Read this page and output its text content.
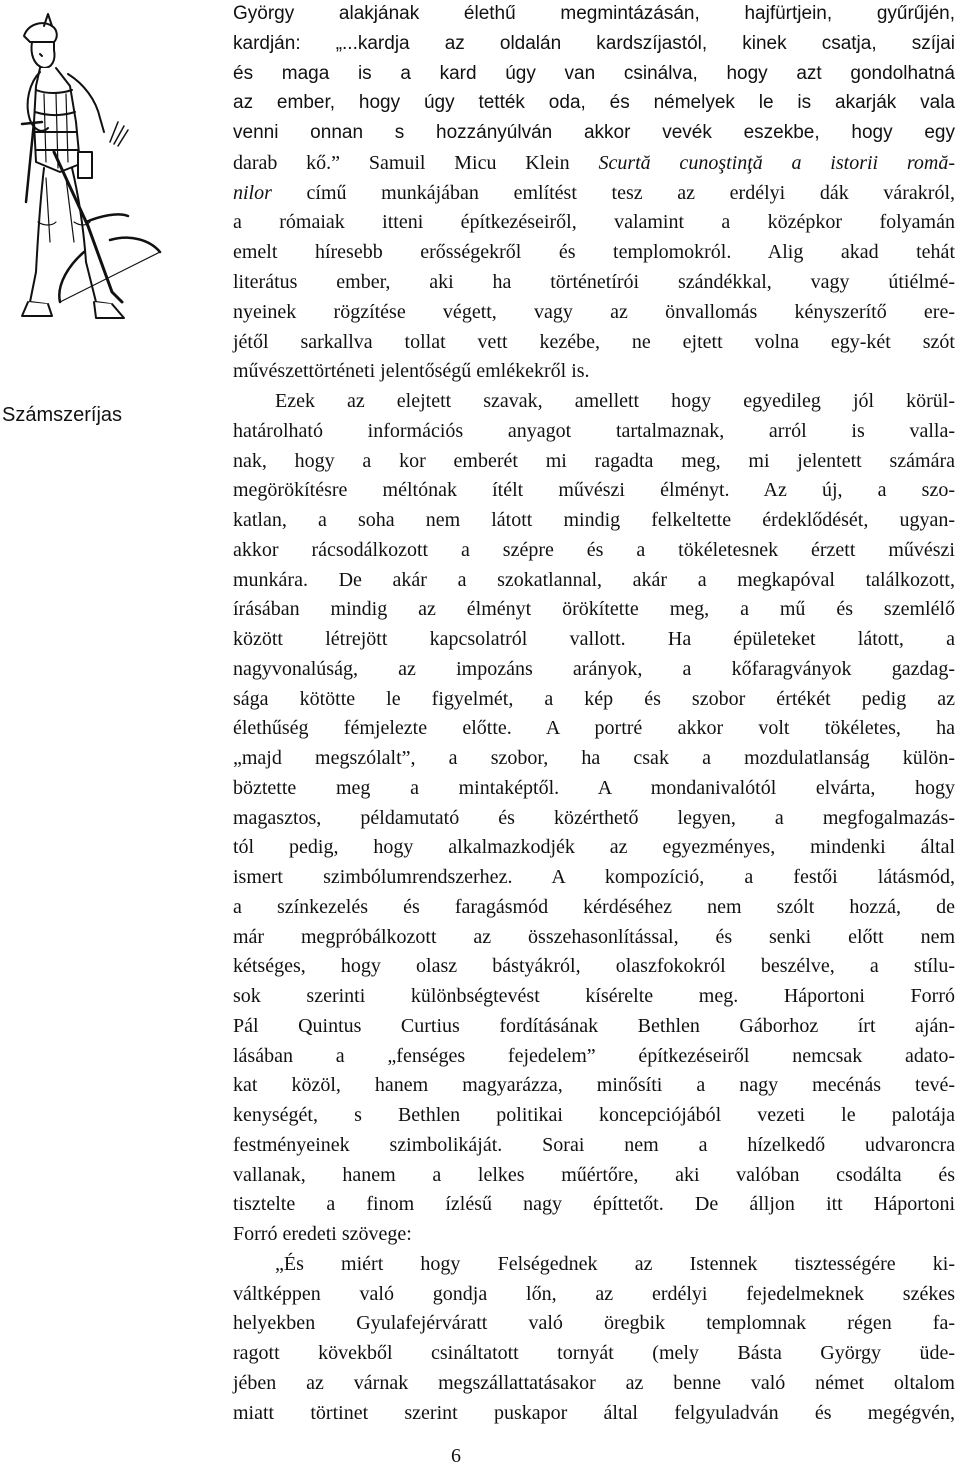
Számszeríjas
György alakjának élethű megmintázásán, hajfürtjein, gyűrűjén,
kardján: „...kardja az oldalán kardszíjastól, kinek csatja, szíjai
és maga is a kard úgy van csinálva, hogy azt gondolhatná
az ember, hogy úgy tették oda, és némelyek le is akarják vala
venni onnan s hozzányúlván akkor vevék eszekbe, hogy egy
darab kő.” Samuil Micu Klein Scurtă cunoştinţă a istorii romă-
nilor című munkájában említést tesz az erdélyi dák várakról,
a rómaiak itteni építkezéseiről, valamint a középkor folyamán
emelt híresebb erősségekről és templomokról. Alig akad tehát
literátus ember, aki ha történetírói szándékkal, vagy útiélmé-
nyeinek rögzítése végett, vagy az önvallomás kényszerítő ere-
jétől sarkallva tollat vett kezébe, ne ejtett volna egy-két szót
művészettörténeti jelentőségű emlékekről is.
Ezek az elejtett szavak, amellett hogy egyedileg jól körül-
határolható információs anyagot tartalmaznak, arról is valla-
nak, hogy a kor emberét mi ragadta meg, mi jelentett számára
megörökítésre méltónak ítélt művészi élményt. Az új, a szo-
katlan, a soha nem látott mindig felkeltette érdeklődését, ugyan-
akkor rácsodálkozott a szépre és a tökéletesnek érzett művészi
munkára. De akár a szokatlannal, akár a megkapóval találkozott,
írásában mindig az élményt örökítette meg, a mű és szemlélő
között létrejött kapcsolatról vallott. Ha épületeket látott, a
nagyvonalúság, az impozáns arányok, a kőfaragványok gazdag-
sága kötötte le figyelmét, a kép és szobor értékét pedig az
élethűség fémjelezte előtte. A portré akkor volt tökéletes, ha
„majd megszólalt”, a szobor, ha csak a mozdulatlanság külön-
böztette meg a mintaképtől. A mondanivalótól elvárta, hogy
magasztos, példamutató és közérthető legyen, a megfogalmazás-
tól pedig, hogy alkalmazkodjék az egyezményes, mindenki által
ismert szimbólumrendszerhez. A kompozíció, a festői látásmód,
a színkezelés és faragásmód kérdéséhez nem szólt hozzá, de
már megpróbálkozott az összehasonlítással, és senki előtt nem
kétséges, hogy olasz bástyákról, olaszfokokról beszélve, a stílu-
sok szerinti különbségtevést kísérelte meg. Háportoni Forró
Pál Quintus Curtius fordításának Bethlen Gáborhoz írt aján-
lásában a „fenséges fejedelem” építkezéseiről nemcsak adato-
kat közöl, hanem magyarázza, minősíti a nagy mecénás tevé-
kenységét, s Bethlen politikai koncepciójából vezeti le palotája
festményeinek szimbolikáját. Sorai nem a hízelkedő udvaroncra
vallanak, hanem a lelkes műértőre, aki valóban csodálta és
tisztelte a finom ízlésű nagy építtetőt. De álljon itt Háportoni
Forró eredeti szövege:
„És miért hogy Felségednek az Istennek tisztességére ki-
váltképpen való gondja lőn, az erdélyi fejedelmeknek székes
helyekben Gyulafejérváratt való öregbik templomnak régen fa-
ragott kövekből csináltatott tornyát (mely Básta György üde-
jében az várnak megszállattatásakor az benne való német oltalom
miatt törtinet szerint puskapor által felgyuladván és megégvén,
6
